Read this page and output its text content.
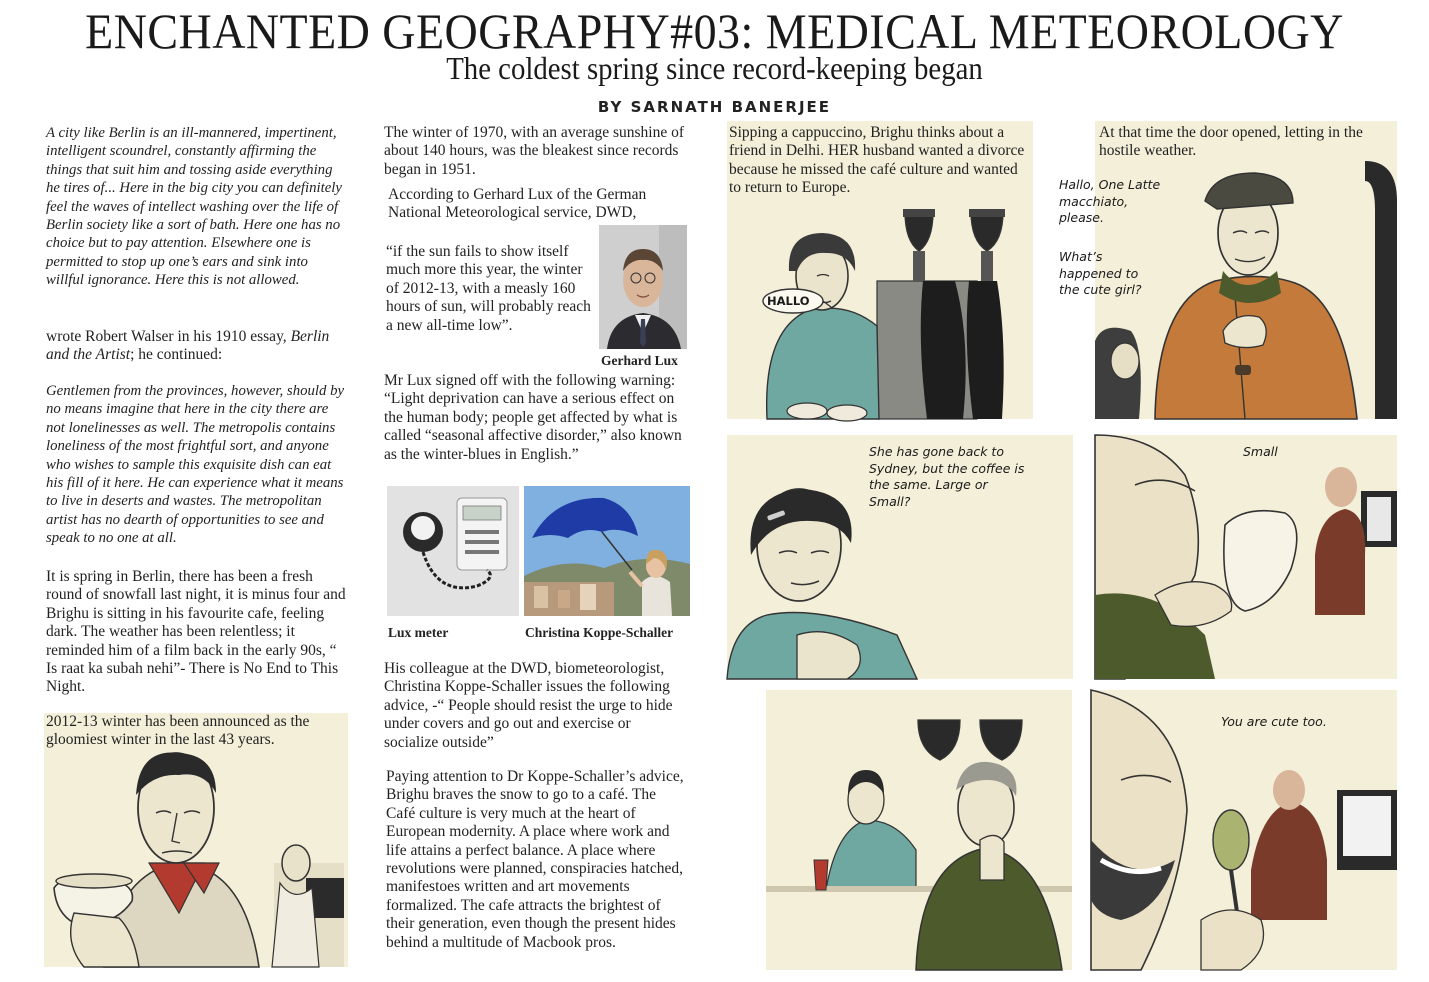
ENCHANTED GEOGRAPHY#03: MEDICAL METEOROLOGY
The coldest spring since record-keeping began
BY SARNATH BANERJEE
A city like Berlin is an ill-mannered, impertinent, intelligent scoundrel, constantly affirming the things that suit him and tossing aside everything he tires of... Here in the big city you can definitely feel the waves of intellect washing over the life of Berlin society like a sort of bath. Here one has no choice but to pay attention. Elsewhere one is permitted to stop up one’s ears and sink into willful ignorance. Here this is not allowed.
wrote Robert Walser in his 1910 essay, Berlin and the Artist; he continued:
Gentlemen from the provinces, however, should by no means imagine that here in the city there are not lonelinesses as well. The metropolis contains loneliness of the most frightful sort, and anyone who wishes to sample this exquisite dish can eat his fill of it here. He can experience what it means to live in deserts and wastes. The metropolitan artist has no dearth of opportunities to see and speak to no one at all.
It is spring in Berlin, there has been a fresh round of snowfall last night, it is minus four and Brighu is sitting in his favourite cafe, feeling dark. The weather has been relentless; it reminded him of a film back in the early 90s, “ Is raat ka subah nehi”- There is No End to This Night.
2012-13 winter has been announced as the gloomiest winter in the last 43 years.
The winter of 1970, with an average sunshine of about 140 hours, was the bleakest since records began in 1951.
According to Gerhard Lux of the German National Meteorological service, DWD,
“if the sun fails to show itself much more this year, the winter of 2012-13, with a measly 160 hours of sun, will probably reach a new all-time low”.
Gerhard Lux
Mr Lux signed off with the following warning: “Light deprivation can have a serious effect on the human body; people get affected by what is called “seasonal affective disorder,” also known as the winter-blues in English.”
Lux meter	Christina Koppe-Schaller
His colleague at the DWD, biometeorologist, Christina Koppe-Schaller issues the following advice, -“ People should resist the urge to hide under covers and go out and exercise or socialize outside”
Paying attention to Dr Koppe-Schaller’s advice, Brighu braves the snow to go to a café. The Café culture is very much at the heart of European modernity. A place where work and life attains a perfect balance. A place where revolutions were planned, conspiracies hatched, manifestoes written and art movements formalized. The cafe attracts the brightest of their generation, even though the present hides behind a multitude of Macbook pros.
Sipping a cappuccino, Brighu thinks about a friend in Delhi. HER husband wanted a divorce because he missed the café culture and wanted to return to Europe.
HALLO
At that time the door opened, letting in the hostile weather.
Hallo, One Latte macchiato, please.
What’s happened to the cute girl?
She has gone back to Sydney, but the coffee is the same. Large or Small?
Small
You are cute too.
